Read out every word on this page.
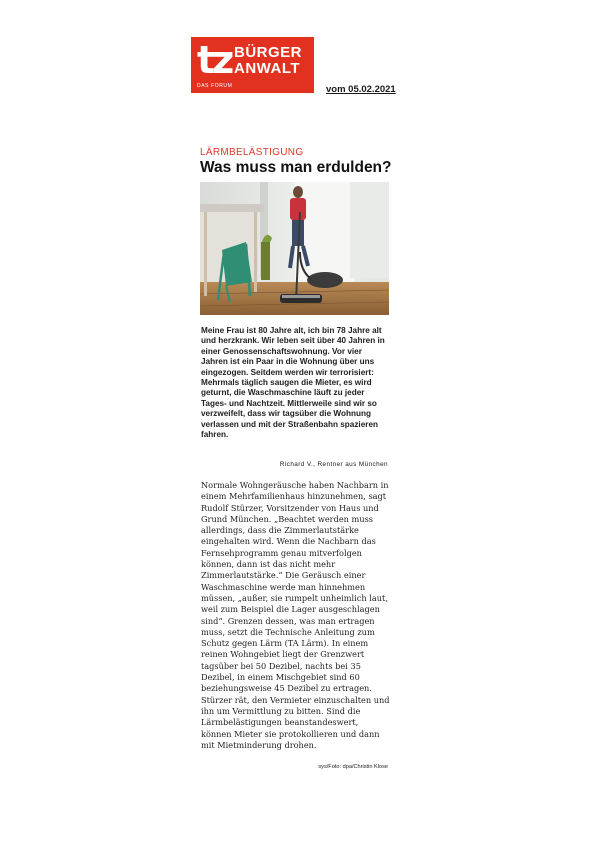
tz BÜRGER
ANWALT
DAS FORUM	vom 05.02.2021
LÄRMBELÄSTIGUNG
Was muss man erdulden?

Meine Frau ist 80 Jahre alt, ich bin 78 Jahre alt und herzkrank. Wir leben seit über 40 Jahren in einer Genossenschaftswohnung. Vor vier Jahren ist ein Paar in die Wohnung über uns eingezogen. Seitdem werden wir terrorisiert: Mehrmals täglich saugen die Mieter, es wird geturnt, die Waschmaschine läuft zu jeder Tages- und Nachtzeit. Mittlerweile sind wir so verzweifelt, dass wir tagsüber die Wohnung verlassen und mit der Straßenbahn spazieren fahren.

Richard V., Rentner aus München

Normale Wohngeräusche haben Nachbarn in einem Mehrfamilienhaus hinzunehmen, sagt Rudolf Stürzer, Vorsitzender von Haus und Grund München. „Beachtet werden muss allerdings, dass die Zimmerlautstärke eingehalten wird. Wenn die Nachbarn das Fernsehprogramm genau mitverfolgen können, dann ist das nicht mehr Zimmerlautstärke.“ Die Geräusch einer Waschmaschine werde man hinnehmen müssen, „außer, sie rumpelt unheimlich laut, weil zum Beispiel die Lager ausgeschlagen sind“. Grenzen dessen, was man ertragen muss, setzt die Technische Anleitung zum Schutz gegen Lärm (TA Lärm). In einem reinen Wohngebiet liegt der Grenzwert tagsüber bei 50 Dezibel, nachts bei 35 Dezibel, in einem Mischgebiet sind 60 beziehungsweise 45 Dezibel zu ertragen. Stürzer rät, den Vermieter einzuschalten und ihn um Vermittlung zu bitten. Sind die Lärmbelästigungen beanstandeswert, können Mieter sie protokollieren und dann mit Mietminderung drohen.

sys/Foto: dpa/Christin Klose
